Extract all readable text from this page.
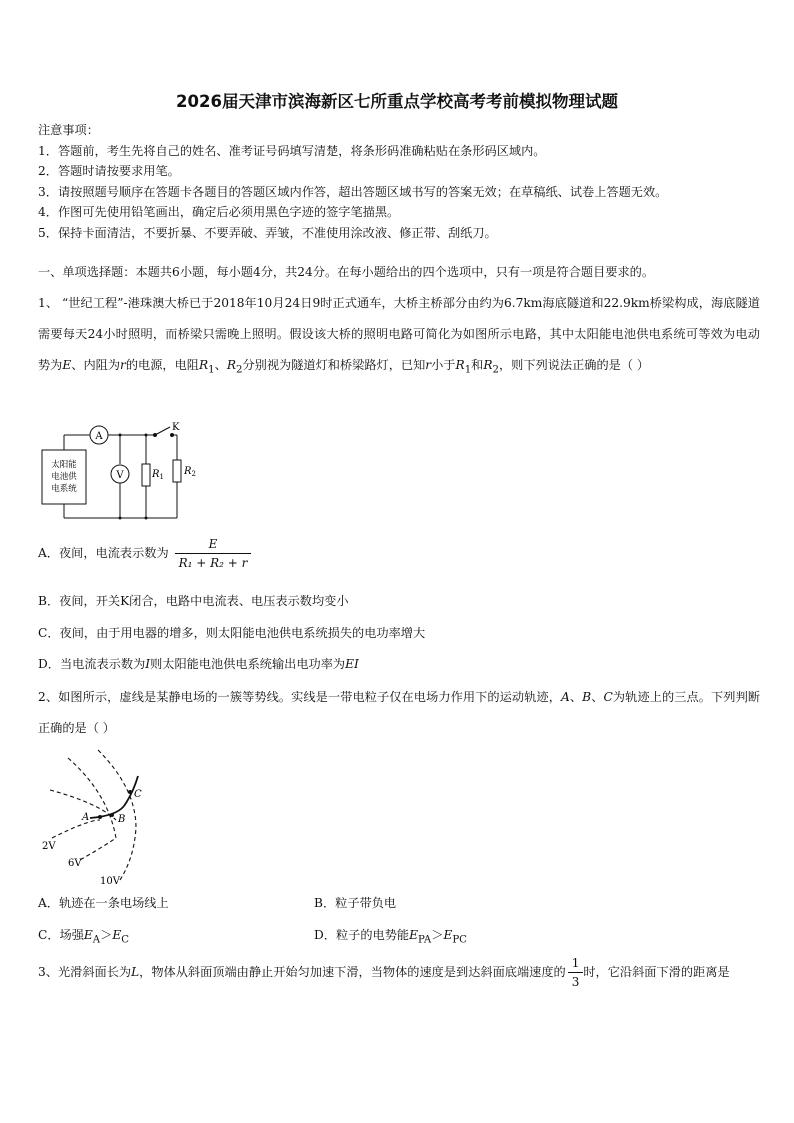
2026届天津市滨海新区七所重点学校高考考前模拟物理试题
注意事项：
1．答题前，考生先将自己的姓名、准考证号码填写清楚，将条形码准确粘贴在条形码区域内。
2．答题时请按要求用笔。
3．请按照题号顺序在答题卡各题目的答题区域内作答，超出答题区域书写的答案无效；在草稿纸、试卷上答题无效。
4．作图可先使用铅笔画出，确定后必须用黑色字迹的签字笔描黑。
5．保持卡面清洁，不要折暴、不要弄破、弄皱，不准使用涂改液、修正带、刮纸刀。
一、单项选择题：本题共6小题，每小题4分，共24分。在每小题给出的四个选项中，只有一项是符合题目要求的。
1、 “世纪工程”-港珠澳大桥已于2018年10月24日9时正式通车，大桥主桥部分由约为6.7km海底隧道和22.9km桥梁构成，海底隧道需要每天24小时照明，而桥梁只需晚上照明。假设该大桥的照明电路可简化为如图所示电路，其中太阳能电池供电系统可等效为电动势为E、内阻为r的电源，电阻$R_1$、$R_2$分别视为隧道灯和桥梁路灯，已知r小于$R_1$和$R_2$，则下列说法正确的是（ ）
太阳能
电池供
电系统
A
V
K
$R_1$ $R_2$
A．夜间，电流表示数为 $\frac{E}{\text{R₁ + R₂ + r}}$
B．夜间，开关K闭合，电路中电流表、电压表示数均变小
C．夜间，由于用电器的增多，则太阳能电池供电系统损失的电功率增大
D．当电流表示数为I则太阳能电池供电系统输出电功率为EI
2、如图所示，虚线是某静电场的一簇等势线。实线是一带电粒子仅在电场力作用下的运动轨迹，A、B、C为轨迹上的三点。下列判断正确的是（ ）
A	B
C
2V
6V
10V
A．轨迹在一条电场线上	B．粒子带负电
C．场强$E_A>E_C$	D．粒子的电势能$E_{PA}>E_{PC}$
3、光滑斜面长为L，物体从斜面顶端由静止开始匀加速下滑，当物体的速度是到达斜面底端速度的 $\frac{1}{3}$ 时，它沿斜面下滑的距离是
